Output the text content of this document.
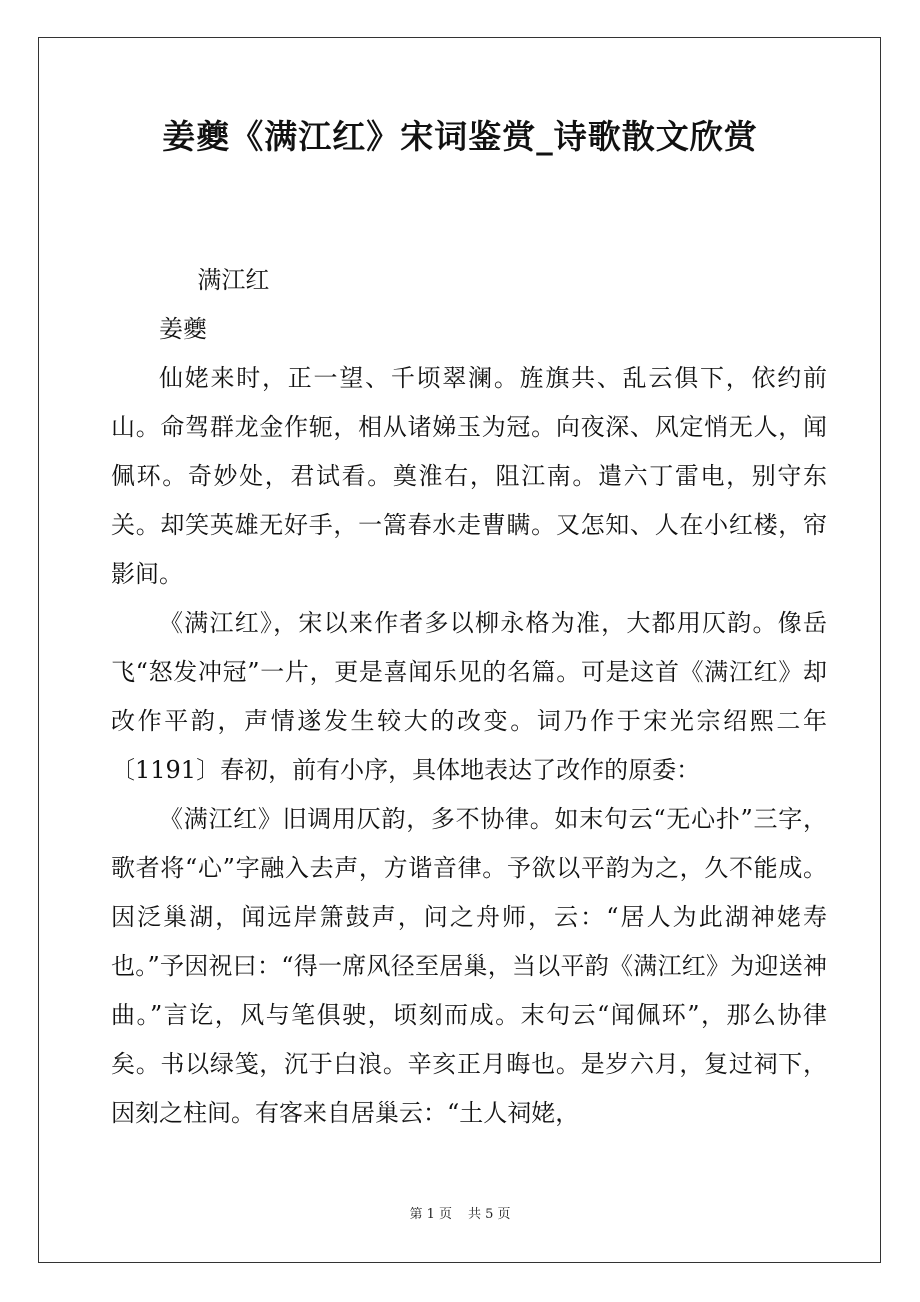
姜夔《满江红》宋词鉴赏_诗歌散文欣赏

满江红

姜夔

仙姥来时，正一望、千顷翠澜。旌旗共、乱云俱下，依约前山。命驾群龙金作轭，相从诸娣玉为冠。向夜深、风定悄无人，闻佩环。奇妙处，君试看。奠淮右，阻江南。遣六丁雷电，别守东关。却笑英雄无好手，一篙春水走曹瞒。又怎知、人在小红楼，帘影间。

《满江红》，宋以来作者多以柳永格为准，大都用仄韵。像岳飞“怒发冲冠”一片，更是喜闻乐见的名篇。可是这首《满江红》却改作平韵，声情遂发生较大的改变。词乃作于宋光宗绍熙二年〔1191〕春初，前有小序，具体地表达了改作的原委：

《满江红》旧调用仄韵，多不协律。如末句云“无心扑”三字，歌者将“心”字融入去声，方谐音律。予欲以平韵为之，久不能成。因泛巢湖，闻远岸箫鼓声，问之舟师，云：“居人为此湖神姥寿也。”予因祝曰：“得一席风径至居巢，当以平韵《满江红》为迎送神曲。”言讫，风与笔俱驶，顷刻而成。末句云“闻佩环”，那么协律矣。书以绿笺，沉于白浪。辛亥正月晦也。是岁六月，复过祠下，因刻之柱间。有客来自居巢云：“土人祠姥，

第 1 页 共 5 页
